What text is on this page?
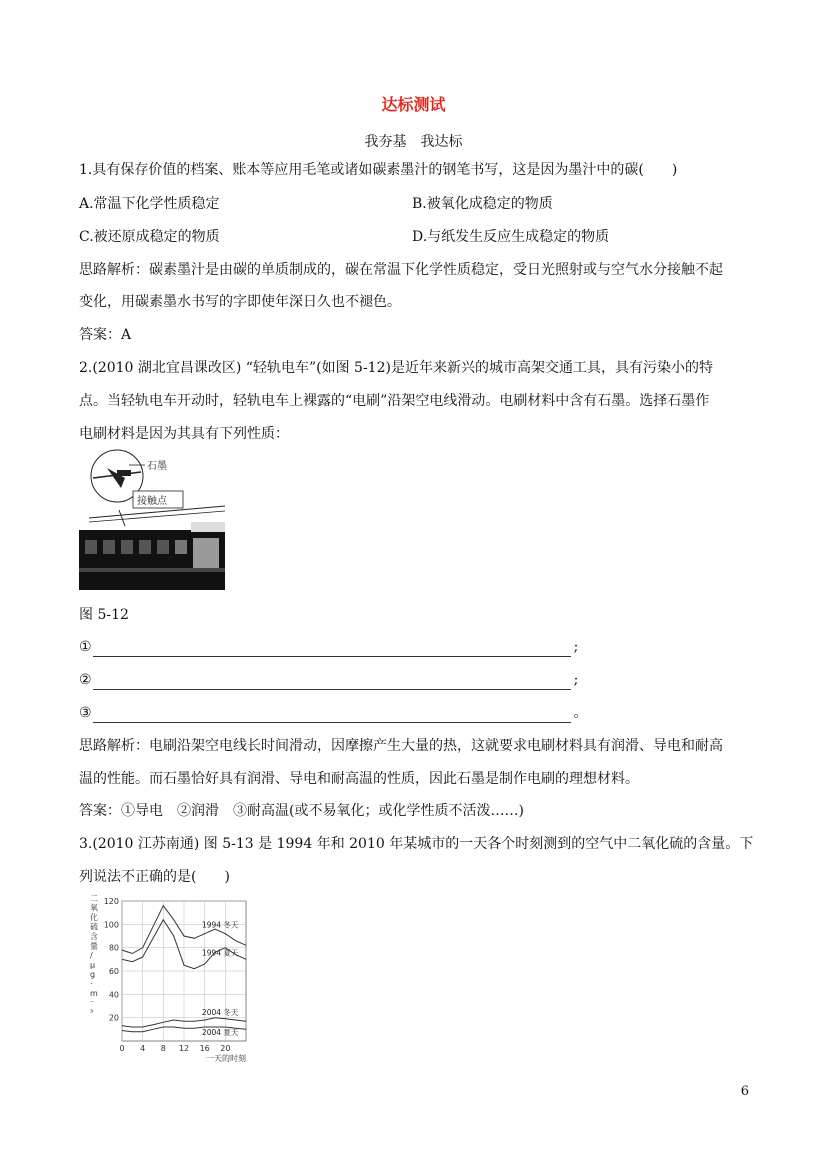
达标测试
我夯基　我达标
1.具有保存价值的档案、账本等应用毛笔或诸如碳素墨汁的钢笔书写，这是因为墨汁中的碳(　　)
A.常温下化学性质稳定	B.被氧化成稳定的物质
C.被还原成稳定的物质	D.与纸发生反应生成稳定的物质
思路解析：碳素墨汁是由碳的单质制成的，碳在常温下化学性质稳定，受日光照射或与空气水分接触不起
变化，用碳素墨水书写的字即使年深日久也不褪色。
答案：A
2.(2010 湖北宜昌课改区) “轻轨电车”(如图 5-12)是近年来新兴的城市高架交通工具，具有污染小的特
点。当轻轨电车开动时，轻轨电车上裸露的“电刷”沿架空电线滑动。电刷材料中含有石墨。选择石墨作
电刷材料是因为其具有下列性质：
石墨
接触点
图 5-12
①	;
②	;
③	。
思路解析：电刷沿架空电线长时间滑动，因摩擦产生大量的热，这就要求电刷材料具有润滑、导电和耐高
温的性能。而石墨恰好具有润滑、导电和耐高温的性质，因此石墨是制作电刷的理想材料。
答案：①导电　②润滑　③耐高温(或不易氧化；或化学性质不活泼……)
3.(2010 江苏南通) 图 5-13 是 1994 年和 2010 年某城市的一天各个时刻测到的空气中二氧化硫的含量。下
列说法不正确的是(　　)
二氧化硫含量/ μ g · m ⁻ ³
0 4 8 12 16 20
20
40
60
80
100
120
1994 冬天
1994 夏天
2004 冬天
2004 夏天
一天的时刻
6
